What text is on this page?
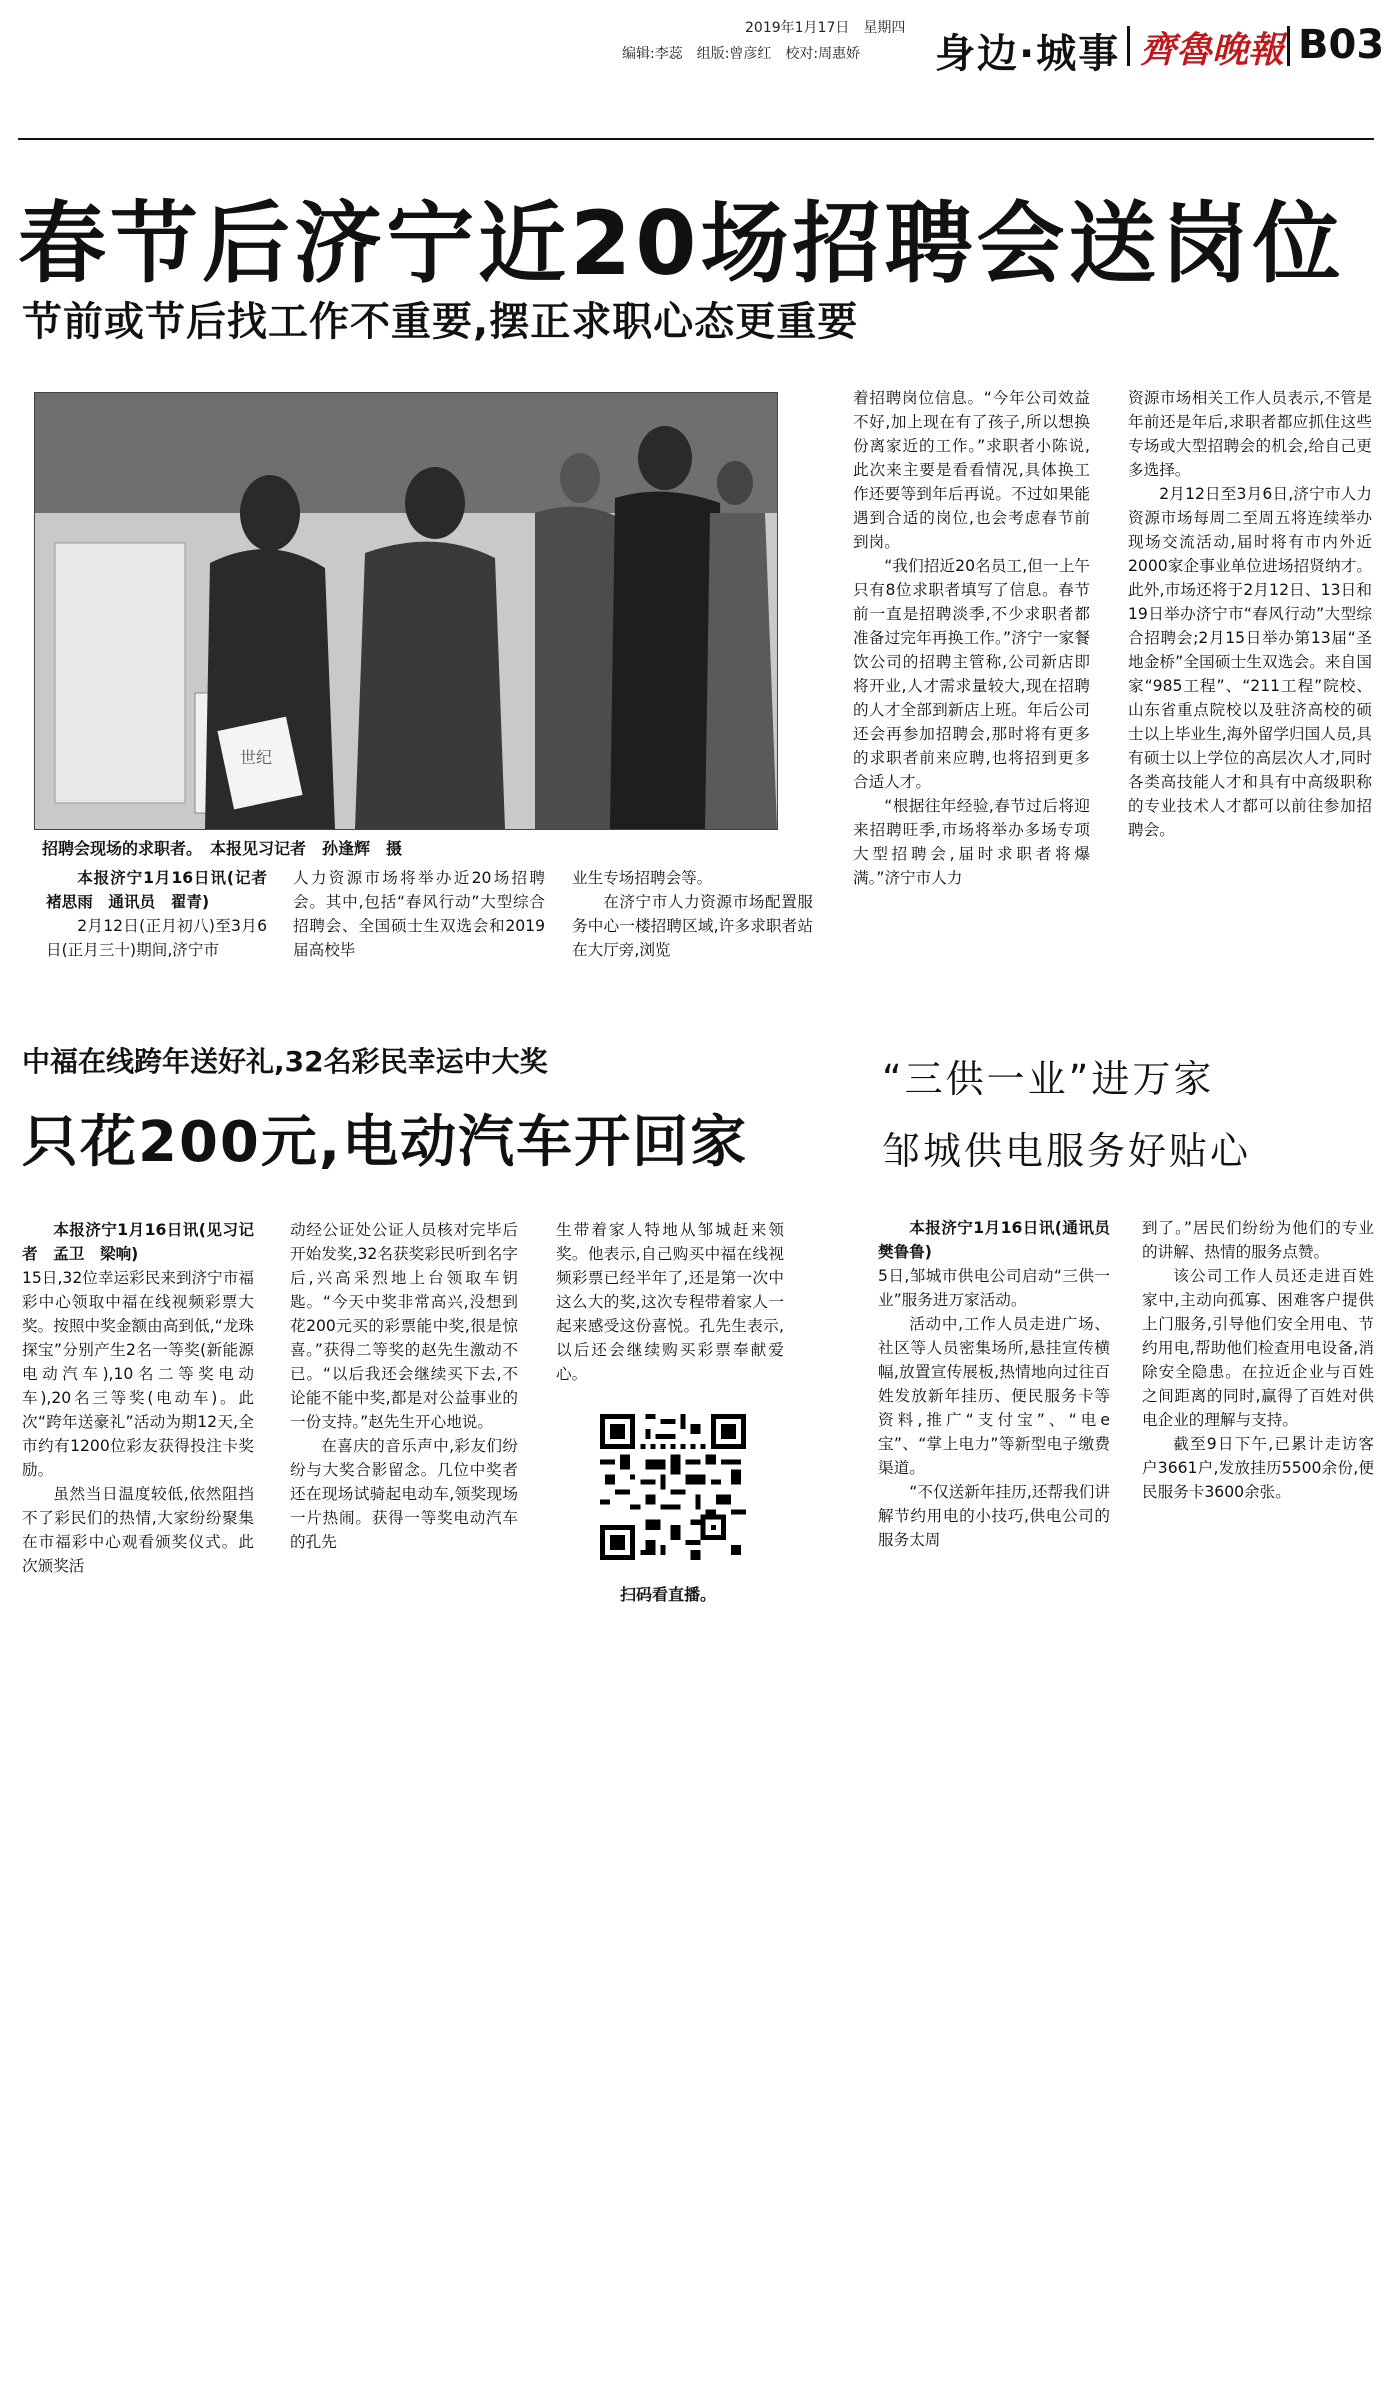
2019年1月17日　星期四
编辑:李蕊　组版:曾彦红　校对:周惠娇 身边·城事 齊魯晚報 B03
春节后济宁近20场招聘会送岗位
节前或节后找工作不重要,摆正求职心态更重要
世纪
招聘会现场的求职者。　本报见习记者　孙逢辉　摄

本报济宁1月16日讯(记者　褚思雨　通讯员　翟青)

2月12日(正月初八)至3月6日(正月三十)期间,济宁市

人力资源市场将举办近20场招聘会。其中,包括“春风行动”大型综合招聘会、全国硕士生双选会和2019届高校毕

业生专场招聘会等。

在济宁市人力资源市场配置服务中心一楼招聘区域,许多求职者站在大厅旁,浏览

着招聘岗位信息。“今年公司效益不好,加上现在有了孩子,所以想换份离家近的工作。”求职者小陈说,此次来主要是看看情况,具体换工作还要等到年后再说。不过如果能遇到合适的岗位,也会考虑春节前到岗。

“我们招近20名员工,但一上午只有8位求职者填写了信息。春节前一直是招聘淡季,不少求职者都准备过完年再换工作。”济宁一家餐饮公司的招聘主管称,公司新店即将开业,人才需求量较大,现在招聘的人才全部到新店上班。年后公司还会再参加招聘会,那时将有更多的求职者前来应聘,也将招到更多合适人才。

“根据往年经验,春节过后将迎来招聘旺季,市场将举办多场专项大型招聘会,届时求职者将爆满。”济宁市人力

资源市场相关工作人员表示,不管是年前还是年后,求职者都应抓住这些专场或大型招聘会的机会,给自己更多选择。

2月12日至3月6日,济宁市人力资源市场每周二至周五将连续举办现场交流活动,届时将有市内外近2000家企事业单位进场招贤纳才。此外,市场还将于2月12日、13日和19日举办济宁市“春风行动”大型综合招聘会;2月15日举办第13届“圣地金桥”全国硕士生双选会。来自国家“985工程”、“211工程”院校、山东省重点院校以及驻济高校的硕士以上毕业生,海外留学归国人员,具有硕士以上学位的高层次人才,同时各类高技能人才和具有中高级职称的专业技术人才都可以前往参加招聘会。

中福在线跨年送好礼,32名彩民幸运中大奖
只花200元,电动汽车开回家

本报济宁1月16日讯(见习记者　孟卫　梁响)

15日,32位幸运彩民来到济宁市福彩中心领取中福在线视频彩票大奖。按照中奖金额由高到低,“龙珠探宝”分别产生2名一等奖(新能源电动汽车),10名二等奖电动车),20名三等奖(电动车)。此次“跨年送豪礼”活动为期12天,全市约有1200位彩友获得投注卡奖励。

虽然当日温度较低,依然阻挡不了彩民们的热情,大家纷纷聚集在市福彩中心观看颁奖仪式。此次颁奖活

动经公证处公证人员核对完毕后开始发奖,32名获奖彩民听到名字后,兴高采烈地上台领取车钥匙。“今天中奖非常高兴,没想到花200元买的彩票能中奖,很是惊喜。”获得二等奖的赵先生激动不已。“以后我还会继续买下去,不论能不能中奖,都是对公益事业的一份支持。”赵先生开心地说。

在喜庆的音乐声中,彩友们纷纷与大奖合影留念。几位中奖者还在现场试骑起电动车,领奖现场一片热闹。获得一等奖电动汽车的孔先

生带着家人特地从邹城赶来领奖。他表示,自己购买中福在线视频彩票已经半年了,还是第一次中这么大的奖,这次专程带着家人一起来感受这份喜悦。孔先生表示,以后还会继续购买彩票奉献爱心。

扫码看直播。
“三供一业”进万家
邹城供电服务好贴心

本报济宁1月16日讯(通讯员　樊鲁鲁)

5日,邹城市供电公司启动“三供一业”服务进万家活动。

活动中,工作人员走进广场、社区等人员密集场所,悬挂宣传横幅,放置宣传展板,热情地向过往百姓发放新年挂历、便民服务卡等资料,推广“支付宝”、“电e宝”、“掌上电力”等新型电子缴费渠道。

“不仅送新年挂历,还帮我们讲解节约用电的小技巧,供电公司的服务太周

到了。”居民们纷纷为他们的专业的讲解、热情的服务点赞。

该公司工作人员还走进百姓家中,主动向孤寡、困难客户提供上门服务,引导他们安全用电、节约用电,帮助他们检查用电设备,消除安全隐患。在拉近企业与百姓之间距离的同时,赢得了百姓对供电企业的理解与支持。

截至9日下午,已累计走访客户3661户,发放挂历5500余份,便民服务卡3600余张。
